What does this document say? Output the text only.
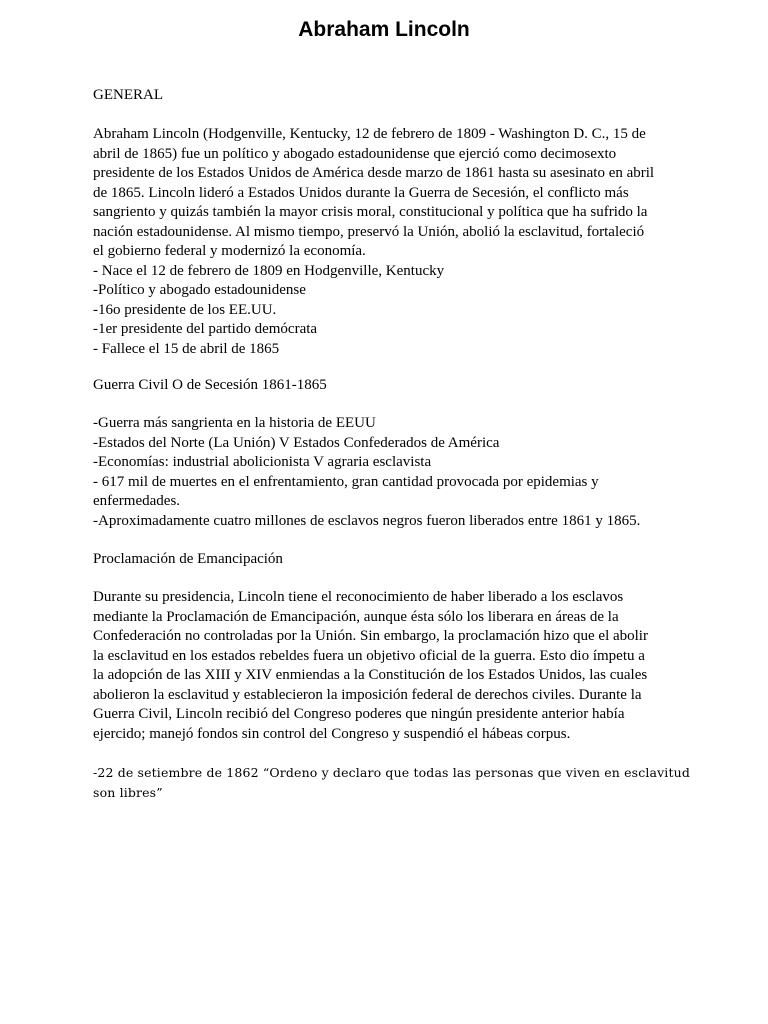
Abraham Lincoln

GENERAL

Abraham Lincoln (Hodgenville, Kentucky, 12 de febrero de 1809 - Washington D. C., 15 de
abril de 1865) fue un político y abogado estadounidense que ejerció como decimosexto
presidente de los Estados Unidos de América desde marzo de 1861 hasta su asesinato en abril
de 1865. Lincoln lideró a Estados Unidos durante la Guerra de Secesión, el conflicto más
sangriento y quizás también la mayor crisis moral, constitucional y política que ha sufrido la
nación estadounidense. Al mismo tiempo, preservó la Unión, abolió la esclavitud, fortaleció
el gobierno federal y modernizó la economía.
- Nace el 12 de febrero de 1809 en Hodgenville, Kentucky
-Político y abogado estadounidense
-16o presidente de los EE.UU.
-1er presidente del partido demócrata
- Fallece el 15 de abril de 1865

Guerra Civil O de Secesión 1861-1865

-Guerra más sangrienta en la historia de EEUU
-Estados del Norte (La Unión) V Estados Confederados de América
-Economías: industrial abolicionista V agraria esclavista
- 617 mil de muertes en el enfrentamiento, gran cantidad provocada por epidemias y
enfermedades.
-Aproximadamente cuatro millones de esclavos negros fueron liberados entre 1861 y 1865.

Proclamación de Emancipación

Durante su presidencia, Lincoln tiene el reconocimiento de haber liberado a los esclavos
mediante la Proclamación de Emancipación, aunque ésta sólo los liberara en áreas de la
Confederación no controladas por la Unión. Sin embargo, la proclamación hizo que el abolir
la esclavitud en los estados rebeldes fuera un objetivo oficial de la guerra. Esto dio ímpetu a
la adopción de las XIII y XIV enmiendas a la Constitución de los Estados Unidos, las cuales
abolieron la esclavitud y establecieron la imposición federal de derechos civiles. Durante la
Guerra Civil, Lincoln recibió del Congreso poderes que ningún presidente anterior había
ejercido; manejó fondos sin control del Congreso y suspendió el hábeas corpus.
-22 de setiembre de 1862 “Ordeno y declaro que todas las personas que viven en esclavitud
son libres”
